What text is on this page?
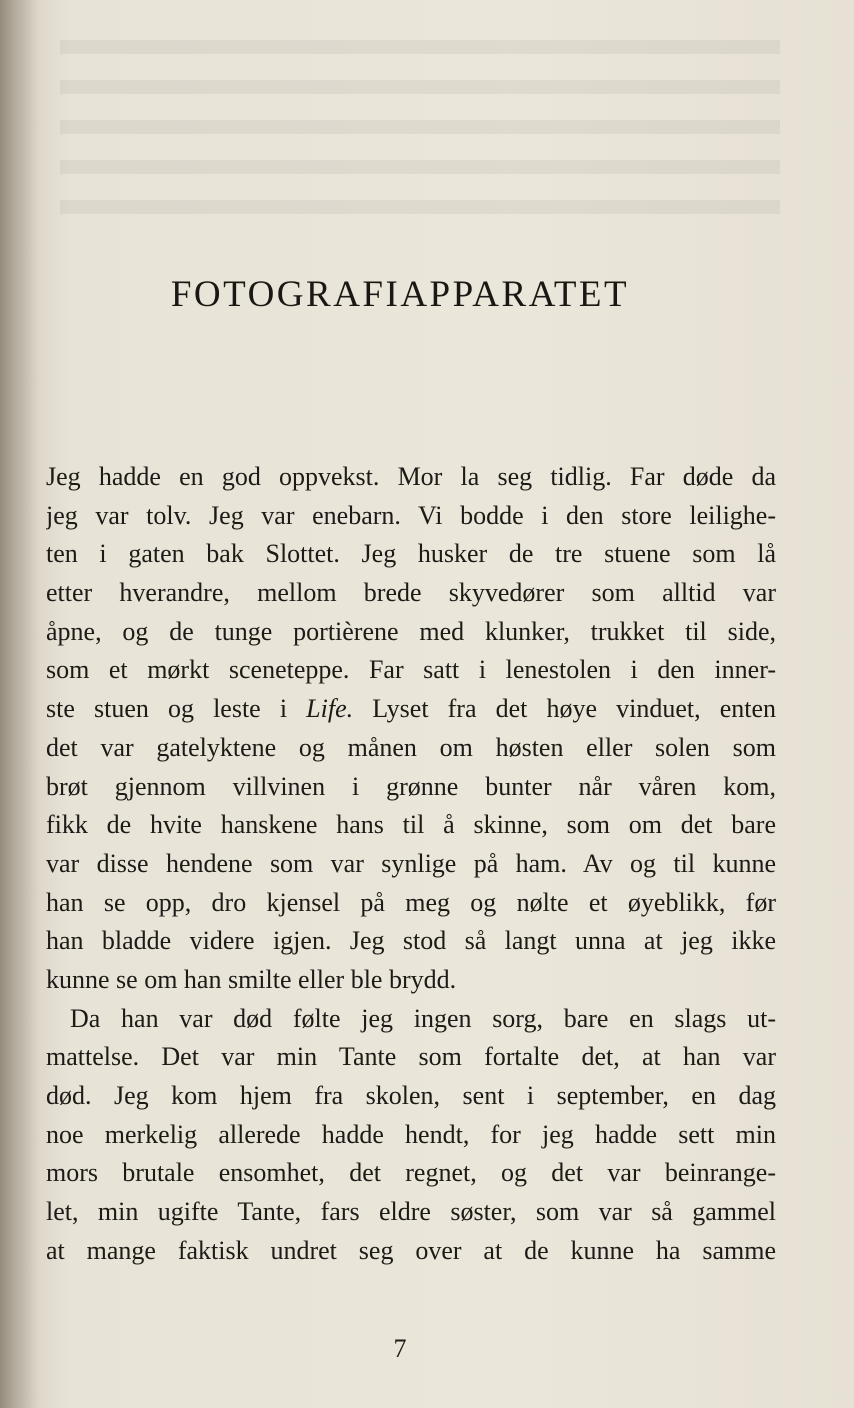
FOTOGRAFIAPPARATET
Jeg hadde en god oppvekst. Mor la seg tidlig. Far døde da
jeg var tolv. Jeg var enebarn. Vi bodde i den store leilighe-
ten i gaten bak Slottet. Jeg husker de tre stuene som lå
etter hverandre, mellom brede skyvedører som alltid var
åpne, og de tunge portièrene med klunker, trukket til side,
som et mørkt sceneteppe. Far satt i lenestolen i den inner-
ste stuen og leste i Life. Lyset fra det høye vinduet, enten
det var gatelyktene og månen om høsten eller solen som
brøt gjennom villvinen i grønne bunter når våren kom,
fikk de hvite hanskene hans til å skinne, som om det bare
var disse hendene som var synlige på ham. Av og til kunne
han se opp, dro kjensel på meg og nølte et øyeblikk, før
han bladde videre igjen. Jeg stod så langt unna at jeg ikke
kunne se om han smilte eller ble brydd.
Da han var død følte jeg ingen sorg, bare en slags ut-
mattelse. Det var min Tante som fortalte det, at han var
død. Jeg kom hjem fra skolen, sent i september, en dag
noe merkelig allerede hadde hendt, for jeg hadde sett min
mors brutale ensomhet, det regnet, og det var beinrange-
let, min ugifte Tante, fars eldre søster, som var så gammel
at mange faktisk undret seg over at de kunne ha samme
7
